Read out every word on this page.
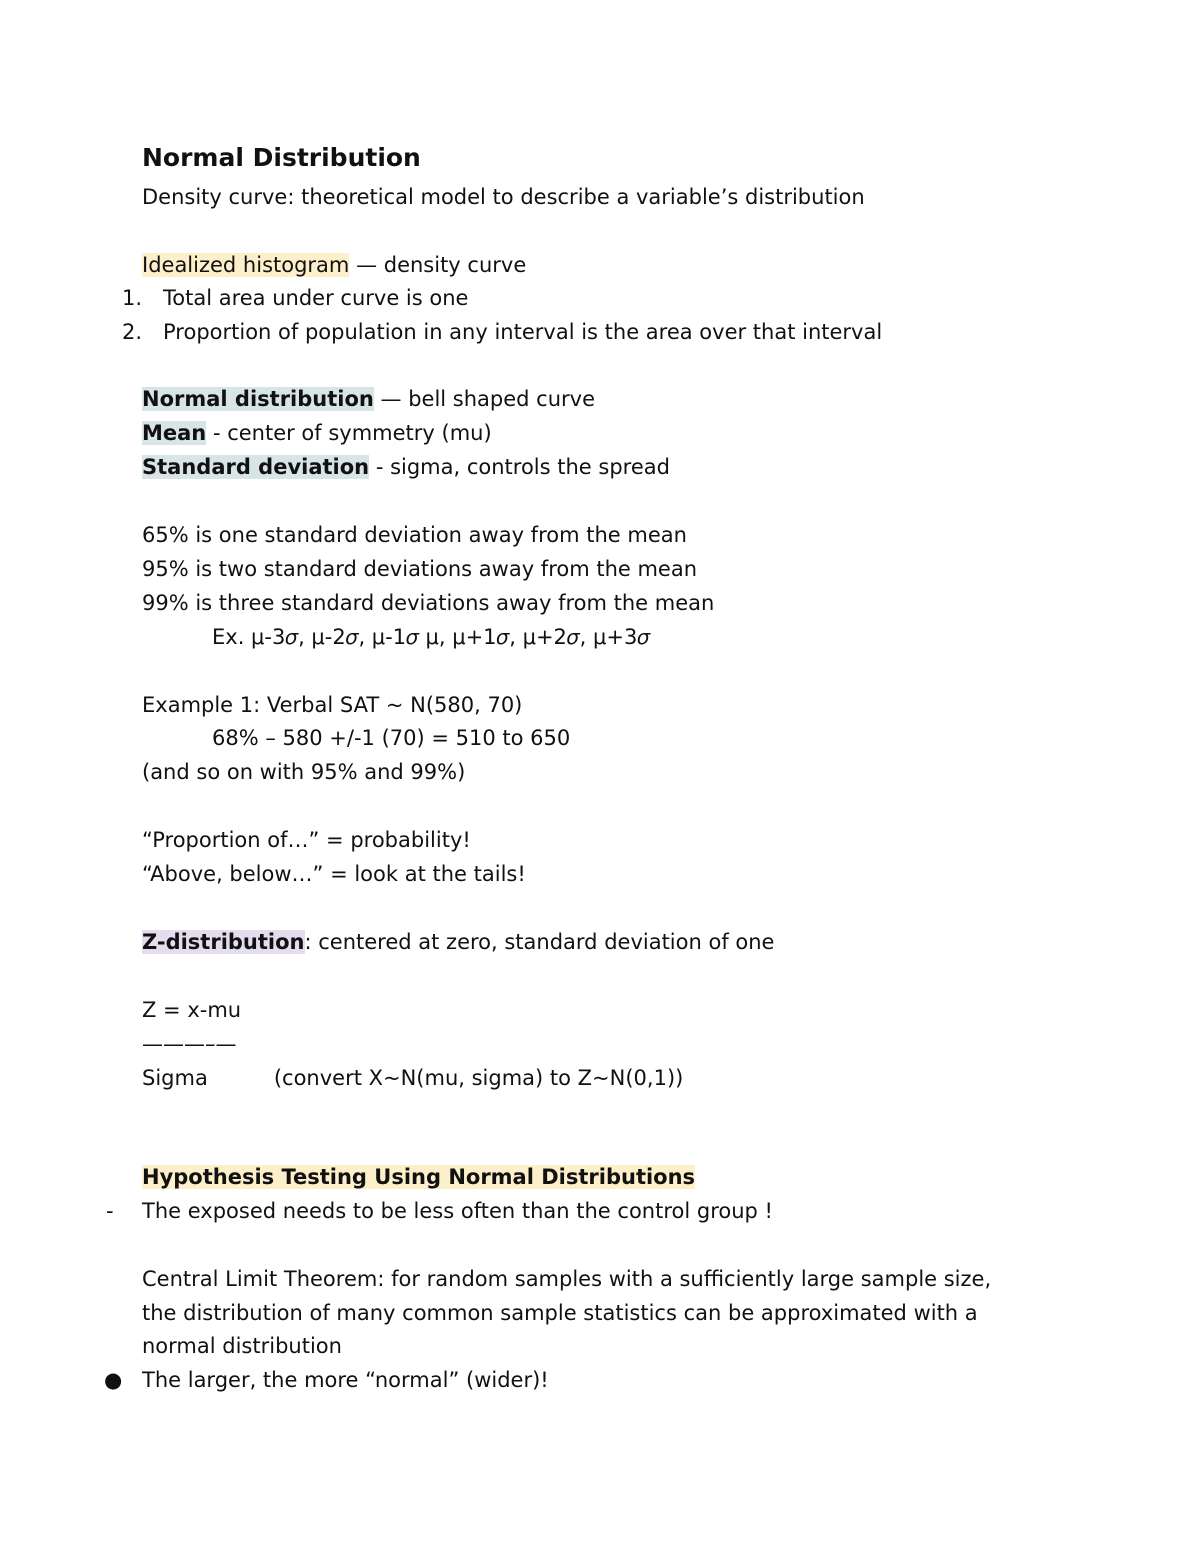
Normal Distribution
Density curve: theoretical model to describe a variable’s distribution
Idealized histogram — density curve
1. Total area under curve is one
2. Proportion of population in any interval is the area over that interval
Normal distribution — bell shaped curve
Mean - center of symmetry (mu)
Standard deviation - sigma, controls the spread
65% is one standard deviation away from the mean
95% is two standard deviations away from the mean
99% is three standard deviations away from the mean
Ex. μ-3𝜎, μ-2𝜎, μ-1𝜎 μ, μ+1𝜎, μ+2𝜎, μ+3𝜎
Example 1: Verbal SAT ~ N(580, 70)
68% – 580 +/-1 (70) = 510 to 650
(and so on with 95% and 99%)
“Proportion of…” = probability!
“Above, below…” = look at the tails!
Z-distribution: centered at zero, standard deviation of one
Z = x-mu
———–—
Sigma	(convert X~N(mu, sigma) to Z~N(0,1))
Hypothesis Testing Using Normal Distributions
- The exposed needs to be less often than the control group !
Central Limit Theorem: for random samples with a sufficiently large sample size,
the distribution of many common sample statistics can be approximated with a
normal distribution
● The larger, the more “normal” (wider)!
